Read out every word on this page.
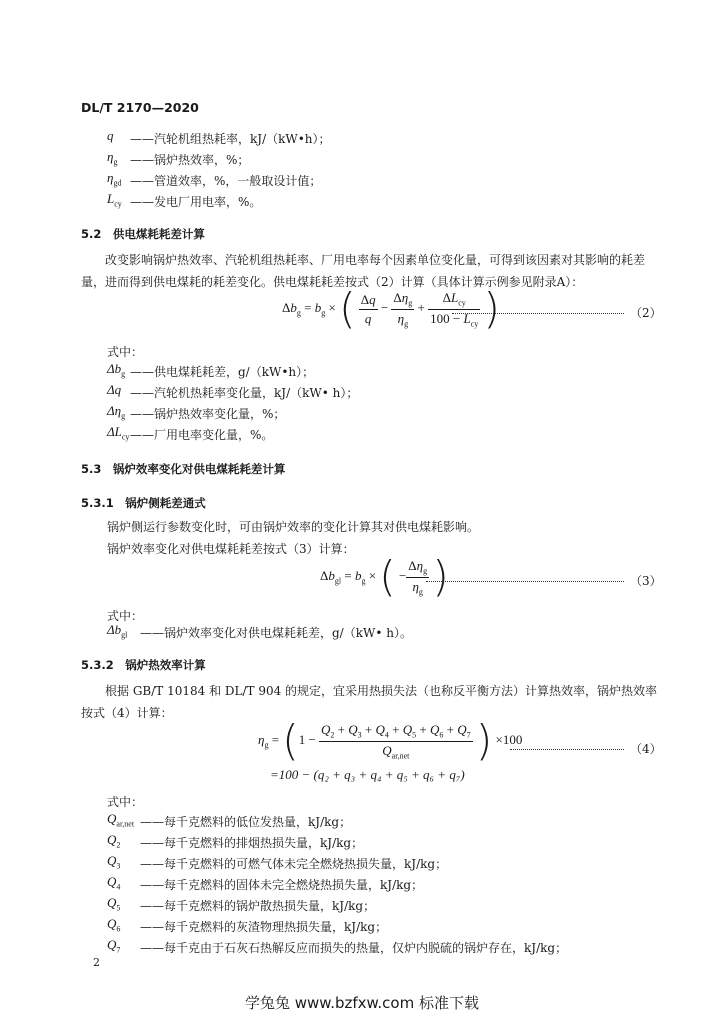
DL/T 2170—2020
q ——汽轮机组热耗率，kJ/（kW•h）；
$\eta_g$ ——锅炉热效率，%；
$\eta_{gd}$ ——管道效率，%，一般取设计值；
$L_{cy}$ ——发电厂用电率，%。
5.2　供电煤耗耗差计算
改变影响锅炉热效率、汽轮机组热耗率、厂用电率每个因素单位变化量，可得到该因素对其影响的耗差量，进而得到供电煤耗的耗差变化。供电煤耗耗差按式（2）计算（具体计算示例参见附录A）：
$\Delta b_g = b_g$ × ( $\frac{\Delta q}{q} - \frac{\Delta\eta_g}{\eta_g} + \frac{\Delta L_{cy}}{100 - L_{cy}}$ )	（2）
式中：
$\Delta b_g$ ——供电煤耗耗差，g/（kW•h）；
Δq ——汽轮机热耗率变化量，kJ/（kW• h）；
$\Delta\eta_g$ ——锅炉热效率变化量，%；
$\Delta L_{cy}$ ——厂用电率变化量，%。
5.3　锅炉效率变化对供电煤耗耗差计算
5.3.1　锅炉侧耗差通式
锅炉侧运行参数变化时，可由锅炉效率的变化计算其对供电煤耗影响。
锅炉效率变化对供电煤耗耗差按式（3）计算：
$\Delta b_{gl} = b_g$ × ( − $\frac{\Delta\eta_g}{\eta_g}$ )	（3）
式中：
$\Delta b_{gl}$ ——锅炉效率变化对供电煤耗耗差，g/（kW• h）。
5.3.2　锅炉热效率计算
根据 GB/T 10184 和 DL/T 904 的规定，宜采用热损失法（也称反平衡方法）计算热效率，锅炉热效率按式（4）计算：
$\eta_g = (1 - \frac{Q_2 + Q_3 + Q_4 + Q_5 + Q_6 + Q_7}{Q_{ar,net}}$ ) ×100
（4）
=100 − (q₂ + q₃ + q₄ + q₅ + q₆ + q₇)
式中：
$Q_{ar,net}$ ——每千克燃料的低位发热量，kJ/kg；
$Q_2$ ——每千克燃料的排烟热损失量，kJ/kg；
$Q_3$ ——每千克燃料的可燃气体未完全燃烧热损失量，kJ/kg；
$Q_4$ ——每千克燃料的固体未完全燃烧热损失量，kJ/kg；
$Q_5$ ——每千克燃料的锅炉散热损失量，kJ/kg；
$Q_6$ ——每千克燃料的灰渣物理热损失量，kJ/kg；
$Q_7$ ——每千克由于石灰石热解反应而损失的热量，仅炉内脱硫的锅炉存在，kJ/kg；
2
学兔兔 www.bzfxw.com 标准下载
